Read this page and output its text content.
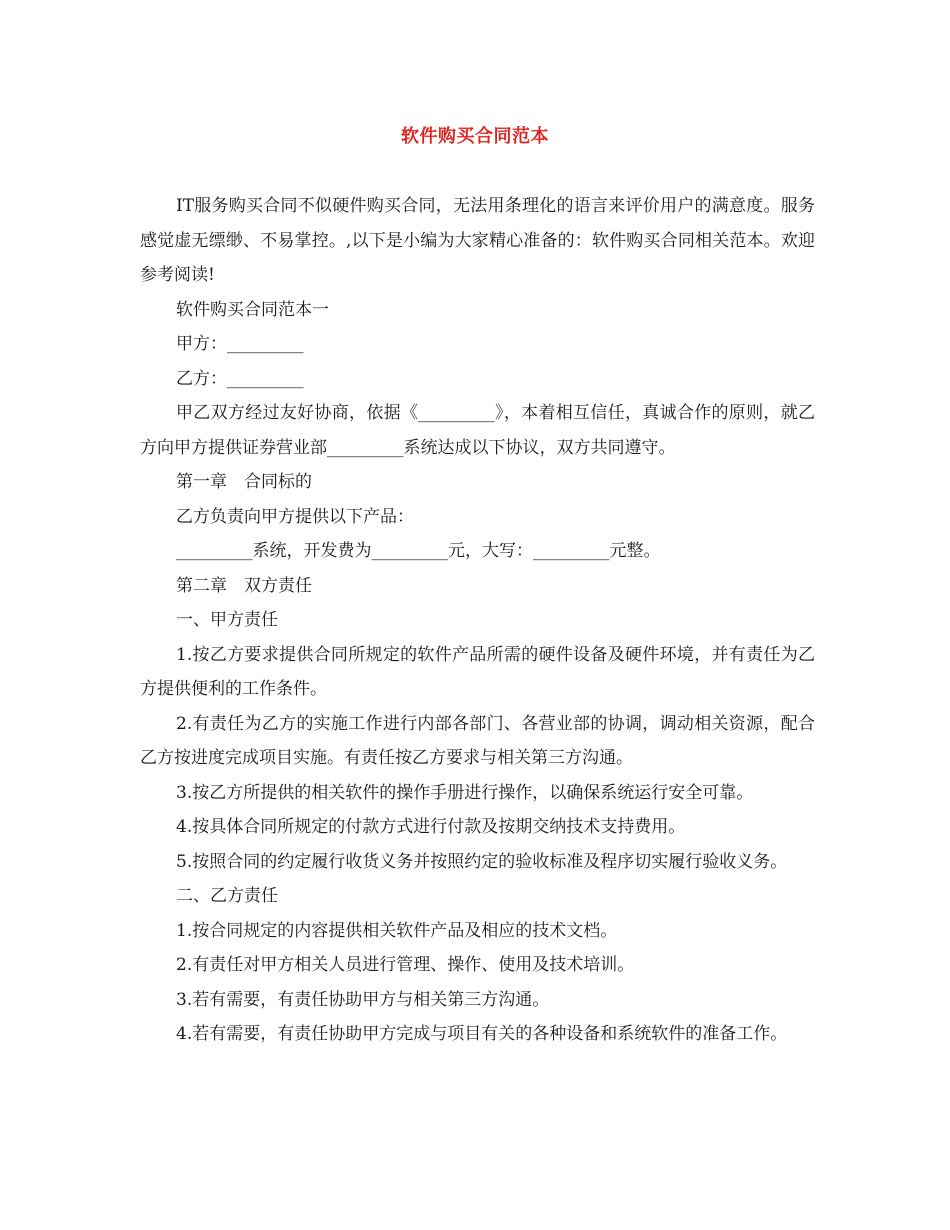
软件购买合同范本

IT服务购买合同不似硬件购买合同，无法用条理化的语言来评价用户的满意度。服务感觉虚无缥缈、不易掌控。,以下是小编为大家精心准备的：软件购买合同相关范本。欢迎参考阅读!

软件购买合同范本一

甲方：_________

乙方：_________

甲乙双方经过友好协商，依据《_________》，本着相互信任，真诚合作的原则，就乙方向甲方提供证券营业部_________系统达成以下协议，双方共同遵守。

第一章　合同标的

乙方负责向甲方提供以下产品：

_________系统，开发费为_________元，大写：_________元整。

第二章　双方责任

一、甲方责任

1.按乙方要求提供合同所规定的软件产品所需的硬件设备及硬件环境，并有责任为乙方提供便利的工作条件。

2.有责任为乙方的实施工作进行内部各部门、各营业部的协调，调动相关资源，配合乙方按进度完成项目实施。有责任按乙方要求与相关第三方沟通。

3.按乙方所提供的相关软件的操作手册进行操作，以确保系统运行安全可靠。

4.按具体合同所规定的付款方式进行付款及按期交纳技术支持费用。

5.按照合同的约定履行收货义务并按照约定的验收标准及程序切实履行验收义务。

二、乙方责任

1.按合同规定的内容提供相关软件产品及相应的技术文档。

2.有责任对甲方相关人员进行管理、操作、使用及技术培训。

3.若有需要，有责任协助甲方与相关第三方沟通。

4.若有需要，有责任协助甲方完成与项目有关的各种设备和系统软件的准备工作。
